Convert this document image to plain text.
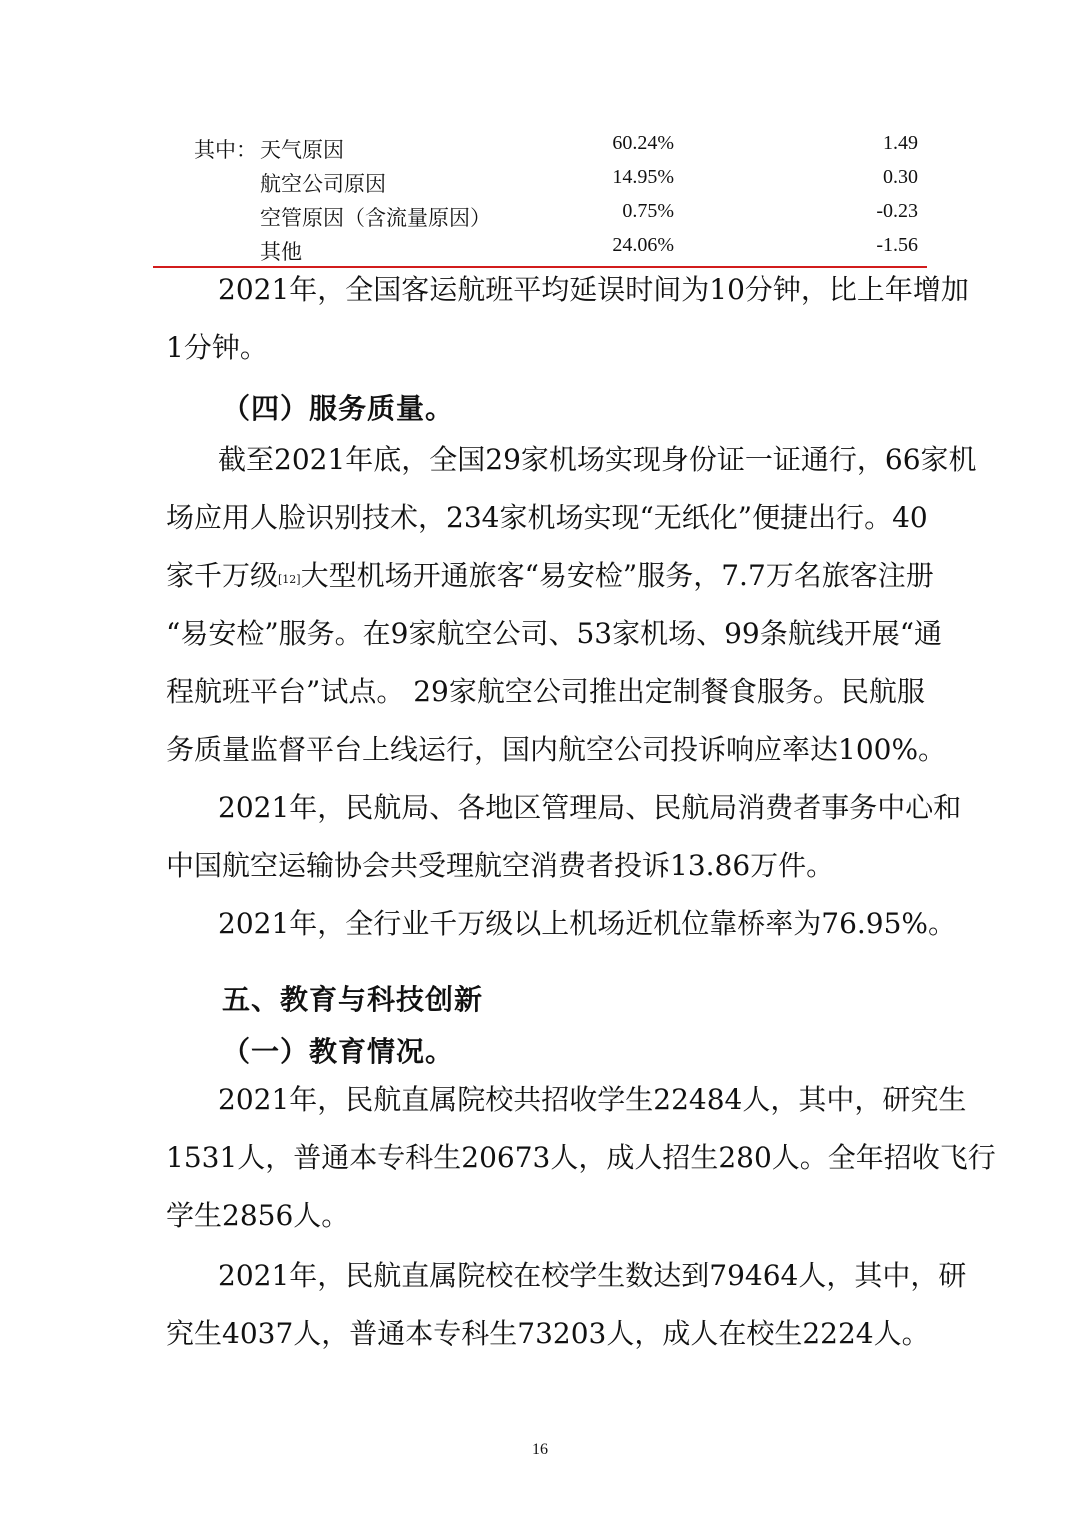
其中： 天气原因	60.24%	1.49
航空公司原因	14.95%	0.30
空管原因（含流量原因）	0.75%	-0.23
其他	24.06%	-1.56
2021年，全国客运航班平均延误时间为10分钟，比上年增加
1分钟。
（四）服务质量。
截至2021年底，全国29家机场实现身份证一证通行，66家机
场应用人脸识别技术，234家机场实现“无纸化”便捷出行。40
家千万级[12]大型机场开通旅客“易安检”服务，7.7万名旅客注册
“易安检”服务。在9家航空公司、53家机场、99条航线开展“通
程航班平台”试点。 29家航空公司推出定制餐食服务。民航服
务质量监督平台上线运行，国内航空公司投诉响应率达100%。
2021年，民航局、各地区管理局、民航局消费者事务中心和
中国航空运输协会共受理航空消费者投诉13.86万件。
2021年，全行业千万级以上机场近机位靠桥率为76.95%。
五、教育与科技创新
（一）教育情况。
2021年，民航直属院校共招收学生22484人，其中，研究生
1531人，普通本专科生20673人，成人招生280人。全年招收飞行
学生2856人。
2021年，民航直属院校在校学生数达到79464人，其中，研
究生4037人，普通本专科生73203人，成人在校生2224人。
16
